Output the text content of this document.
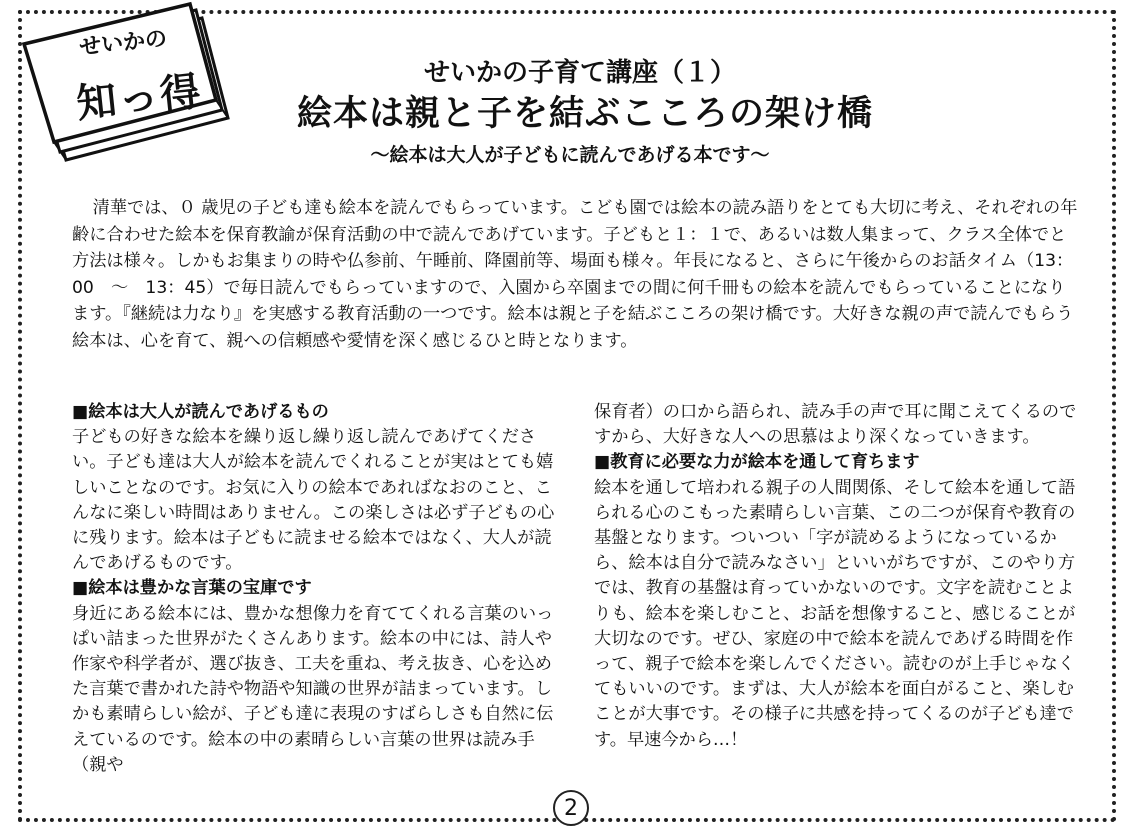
せいかの
知っ得	せいかの子育て講座（１）
絵本は親と子を結ぶこころの架け橋
～絵本は大人が子どもに読んであげる本です～

清華では、０ 歳児の子ども達も絵本を読んでもらっています。こども園では絵本の読み語りをとても大切に考え、それぞれの年齢に合わせた絵本を保育教諭が保育活動の中で読んであげています。子どもと１：１で、あるいは数人集まって、クラス全体でと方法は様々。しかもお集まりの時や仏参前、午睡前、降園前等、場面も様々。年長になると、さらに午後からのお話タイム（13：00　～　13：45）で毎日読んでもらっていますので、入園から卒園までの間に何千冊もの絵本を読んでもらっていることになります。『継続は力なり』を実感する教育活動の一つです。絵本は親と子を結ぶこころの架け橋です。大好きな親の声で読んでもらう絵本は、心を育て、親への信頼感や愛情を深く感じるひと時となります。

■絵本は大人が読んであげるもの

子どもの好きな絵本を繰り返し繰り返し読んであげてください。子ども達は大人が絵本を読んでくれることが実はとても嬉しいことなのです。お気に入りの絵本であればなおのこと、こんなに楽しい時間はありません。この楽しさは必ず子どもの心に残ります。絵本は子どもに読ませる絵本ではなく、大人が読んであげるものです。

■絵本は豊かな言葉の宝庫です

身近にある絵本には、豊かな想像力を育ててくれる言葉のいっぱい詰まった世界がたくさんあります。絵本の中には、詩人や作家や科学者が、選び抜き、工夫を重ね、考え抜き、心を込めた言葉で書かれた詩や物語や知識の世界が詰まっています。しかも素晴らしい絵が、子ども達に表現のすばらしさも自然に伝えているのです。絵本の中の素晴らしい言葉の世界は読み手（親や

保育者）の口から語られ、読み手の声で耳に聞こえてくるのですから、大好きな人への思慕はより深くなっていきます。

■教育に必要な力が絵本を通して育ちます

絵本を通して培われる親子の人間関係、そして絵本を通して語られる心のこもった素晴らしい言葉、この二つが保育や教育の基盤となります。ついつい「字が読めるようになっているから、絵本は自分で読みなさい」といいがちですが、このやり方では、教育の基盤は育っていかないのです。文字を読むことよりも、絵本を楽しむこと、お話を想像すること、感じることが大切なのです。ぜひ、家庭の中で絵本を読んであげる時間を作って、親子で絵本を楽しんでください。読むのが上手じゃなくてもいいのです。まずは、大人が絵本を面白がること、楽しむことが大事です。その様子に共感を持ってくるのが子ども達です。早速今から…！

2
